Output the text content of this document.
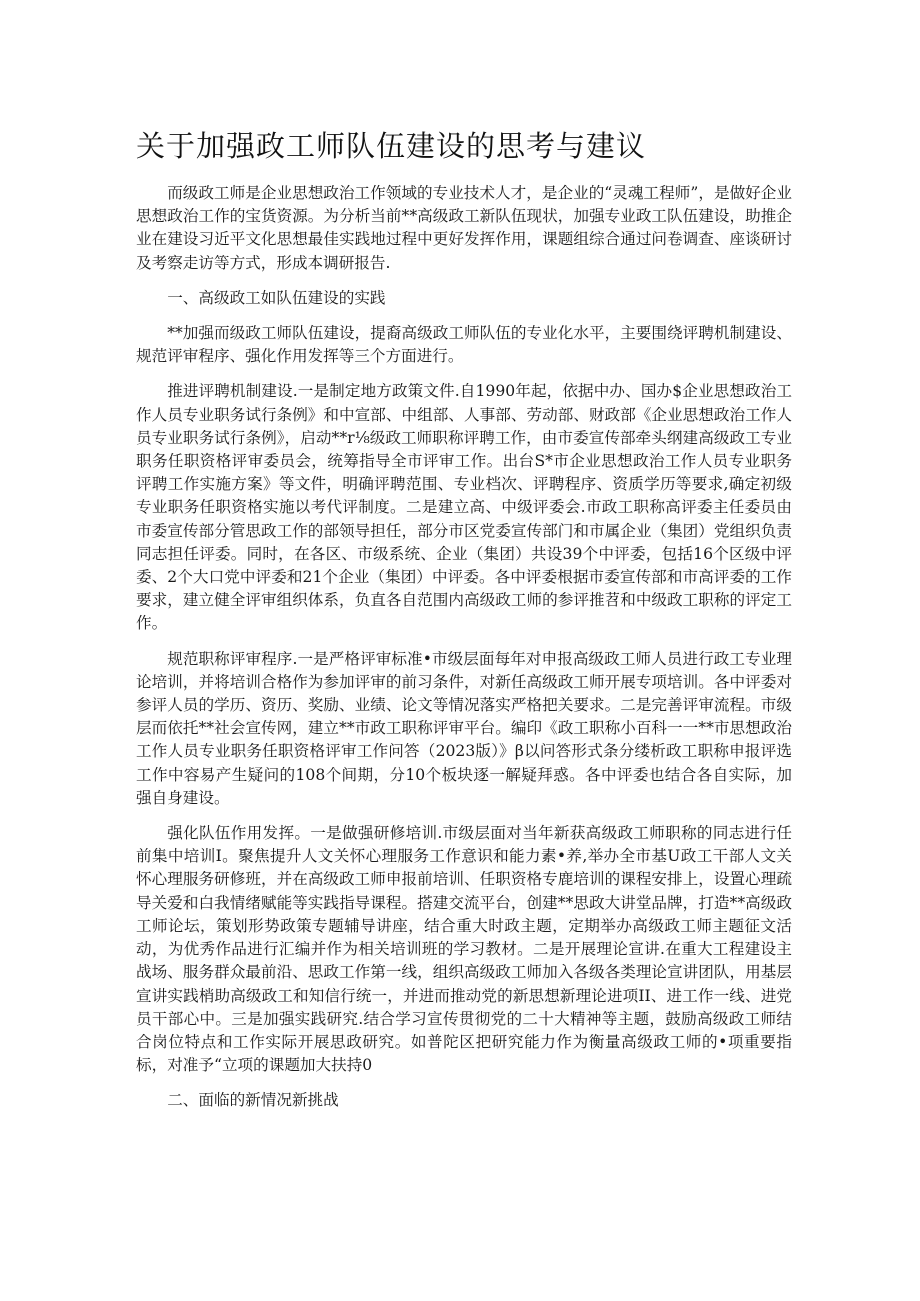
关于加强政工师队伍建设的思考与建议

而级政工师是企业思想政治工作领域的专业技术人才，是企业的“灵魂工程师”，是做好企业思想政治工作的宝货资源。为分析当前**高级政工新队伍现状，加强专业政工队伍建设，助推企业在建设习近平文化思想最佳实践地过程中更好发挥作用，课题组综合通过问卷调查、座谈研讨及考察走访等方式，形成本调研报告.

一、高级政工如队伍建设的实践

**加强而级政工师队伍建设，提裔高级政工师队伍的专业化水平，主要围绕评聘机制建设、规范评审程序、强化作用发挥等三个方面进行。

推进评聘机制建设.一是制定地方政策文件.自1990年起，依据中办、国办$企业思想政治工作人员专业职务试行条例》和中宣部、中组部、人事部、劳动部、财政部《企业思想政治工作人员专业职务试行条例》，启动**r⅛级政工师职称评聘工作，由市委宣传部牵头纲建高级政工专业职务任职资格评审委员会，统筹指导全市评审工作。出台S*市企业思想政治工作人员专业职务评聘工作实施方案》等文件，明确评聘范围、专业档次、评聘程序、资质学历等要求,确定初级专业职务任职资格实施以考代评制度。二是建立高、中级评委会.市政工职称高评委主任委员由市委宣传部分管思政工作的部领导担任，部分市区党委宣传部门和市属企业（集团）党组织负责同志担任评委。同时，在各区、市级系统、企业（集团）共设39个中评委，包括16个区级中评委、2个大口党中评委和21个企业（集团）中评委。各中评委根据市委宣传部和市高评委的工作要求，建立健全评审组织体系，负直各自范围内高级政工师的参评推苕和中级政工职称的评定工作。

规范职称评审程序.一是严格评审标准•市级层面每年对申报高级政工师人员进行政工专业理论培训，并将培训合格作为参加评审的前习条件，对新任高级政工师开展专项培训。各中评委对参评人员的学历、资历、奖励、业绩、论文等情况落实严格把关要求。二是完善评审流程。市级层而依托**社会宣传网，建立**市政工职称评审平台。编印《政工职称小百科一一**市思想政治工作人员专业职务任职资格评审工作问答（2023版）》β以问答形式条分缕析政工职称申报评选工作中容易产生疑问的108个间期，分10个板块逐一解疑拜惑。各中评委也结合各自实际，加强自身建设。

强化队伍作用发挥。一是做强研修培训.市级层面对当年新获高级政工师职称的同志进行任前集中培训I。聚焦提升人文关怀心理服务工作意识和能力素•养,举办全市基U政工干部人文关怀心理服务研修班，并在高级政工师申报前培训、任职资格专鹿培训的课程安排上，设置心理疏导关爱和白我情绪赋能等实践指导课程。搭建交流平台，创建**思政大讲堂品牌，打造**高级政工师论坛，策划形势政策专题辅导讲座，结合重大时政主题，定期举办高级政工师主题征文活动，为优秀作品进行汇编并作为相关培训班的学习教材。二是开展理论宣讲.在重大工程建设主战场、服务群众最前沿、思政工作第一线，组织高级政工师加入各级各类理论宣讲团队，用基层宣讲实践梢助高级政工和知信行统一，并进而推动党的新思想新理论进项II、进工作一线、进党员干部心中。三是加强实践研究.结合学习宣传贯彻党的二十大精神等主题，鼓励高级政工师结合岗位特点和工作实际开展思政研究。如普陀区把研究能力作为衡量高级政工师的•项重要指标，对准予“立项的课题加大扶持0

二、面临的新情况新挑战
